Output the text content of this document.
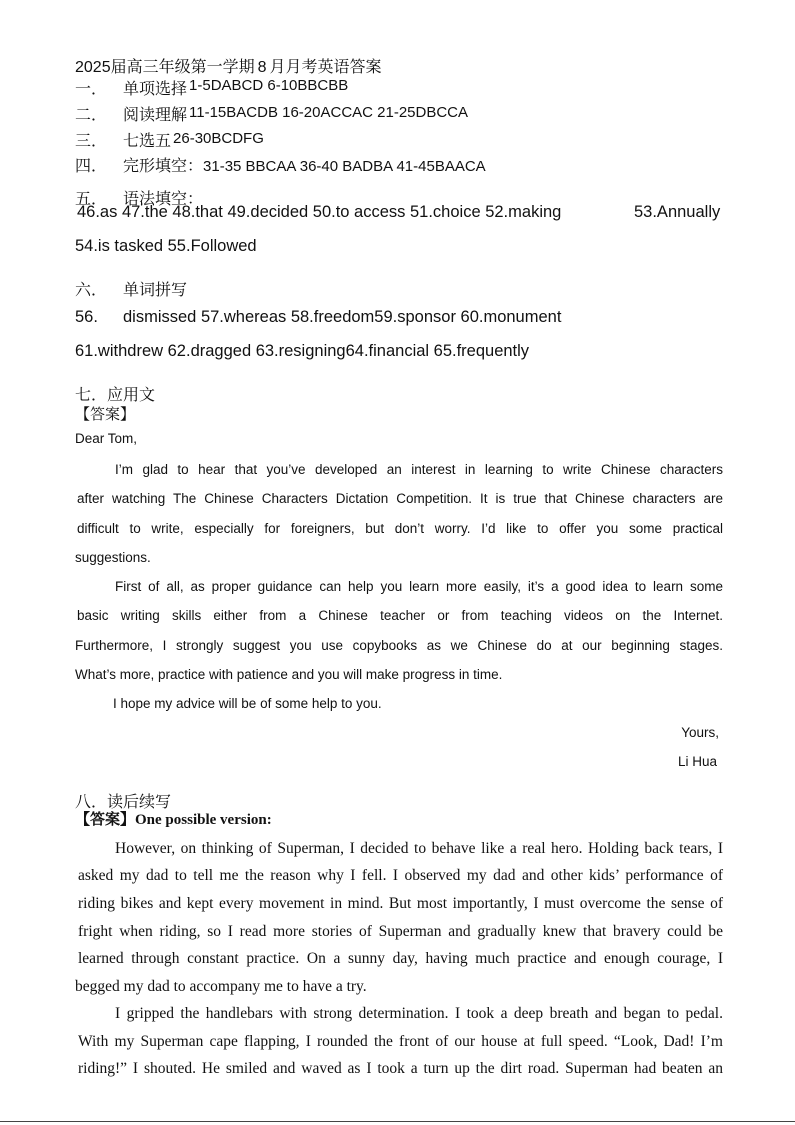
2025届高三年级第一学期 8 月月考英语答案
一． 单项选择 1-5DABCD 6-10BBCBB
二． 阅读理解 11-15BACDB 16-20ACCAC 21-25DBCCA
三． 七选五 26-30BCDFG
四． 完形填空：31-35 BBCAA 36-40 BADBA 41-45BAACA
五． 语法填空：
46.as 47.the 48.that 49.decided 50.to access 51.choice 52.making	53.Annually
54.is tasked 55.Followed
六． 单词拼写
56. dismissed 57.whereas 58.freedom59.sponsor 60.monument
61.withdrew 62.dragged 63.resigning64.financial 65.frequently
七．应用文
【答案】
Dear Tom,
I’m glad to hear that you’ve developed an interest in learning to write Chinese characters
after watching The Chinese Characters Dictation Competition. It is true that Chinese characters are
difficult to write, especially for foreigners, but don’t worry. I’d like to offer you some practical
suggestions.
First of all, as proper guidance can help you learn more easily, it’s a good idea to learn some
basic writing skills either from a Chinese teacher or from teaching videos on the Internet.
Furthermore, I strongly suggest you use copybooks as we Chinese do at our beginning stages.
What’s more, practice with patience and you will make progress in time.
I hope my advice will be of some help to you.
Yours,
Li Hua
八．读后续写
【答案】One possible version:
However, on thinking of Superman, I decided to behave like a real hero. Holding back tears, I
asked my dad to tell me the reason why I fell. I observed my dad and other kids’ performance of
riding bikes and kept every movement in mind. But most importantly, I must overcome the sense of
fright when riding, so I read more stories of Superman and gradually knew that bravery could be
learned through constant practice. On a sunny day, having much practice and enough courage, I
begged my dad to accompany me to have a try.
I gripped the handlebars with strong determination. I took a deep breath and began to pedal.
With my Superman cape flapping, I rounded the front of our house at full speed. “Look, Dad! I’m
riding!” I shouted. He smiled and waved as I took a turn up the dirt road. Superman had beaten an
